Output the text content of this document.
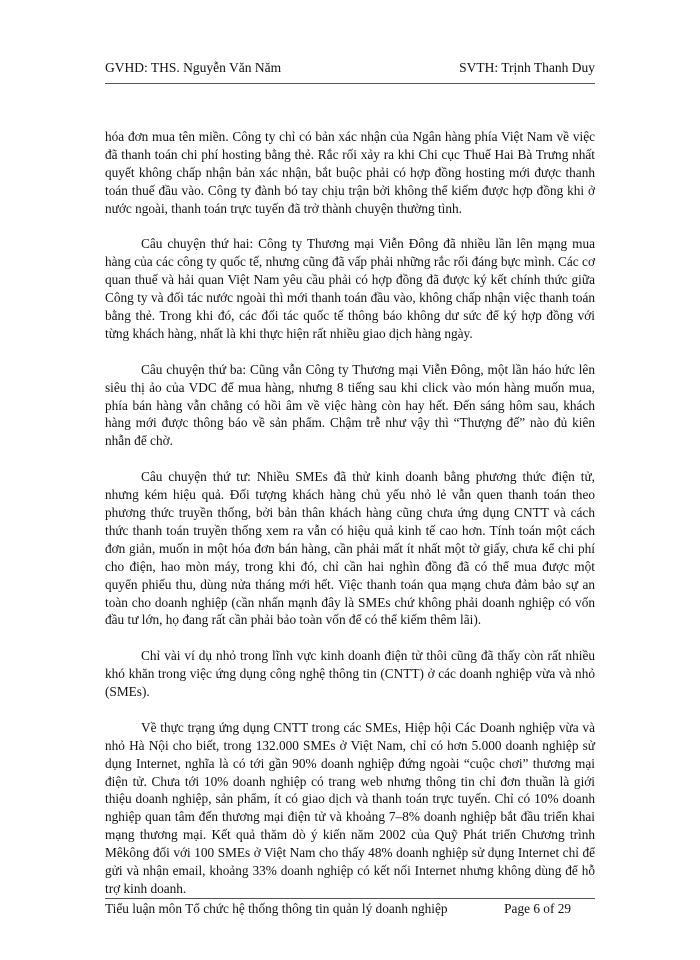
GVHD: THS. Nguyễn Văn Năm	SVTH: Trịnh Thanh Duy

hóa đơn mua tên miền. Công ty chỉ có bản xác nhận của Ngân hàng phía Việt Nam về việc đã thanh toán chi phí hosting bằng thẻ. Rắc rối xảy ra khi Chi cục Thuế Hai Bà Trưng nhất quyết không chấp nhận bản xác nhận, bắt buộc phải có hợp đồng hosting mới được thanh toán thuế đầu vào. Công ty đành bó tay chịu trận bởi không thể kiếm được hợp đồng khi ở nước ngoài, thanh toán trực tuyến đã trở thành chuyện thường tình.

Câu chuyện thứ hai: Công ty Thương mại Viễn Đông đã nhiều lần lên mạng mua hàng của các công ty quốc tế, nhưng cũng đã vấp phải những rắc rối đáng bực mình. Các cơ quan thuế và hải quan Việt Nam yêu cầu phải có hợp đồng đã được ký kết chính thức giữa Công ty và đối tác nước ngoài thì mới thanh toán đầu vào, không chấp nhận việc thanh toán bằng thẻ. Trong khi đó, các đối tác quốc tế thông báo không dư sức để ký hợp đồng với từng khách hàng, nhất là khi thực hiện rất nhiều giao dịch hàng ngày.

Câu chuyện thứ ba: Cũng vẫn Công ty Thương mại Viễn Đông, một lần háo hức lên siêu thị ảo của VDC để mua hàng, nhưng 8 tiếng sau khi click vào món hàng muốn mua, phía bán hàng vẫn chẳng có hồi âm về việc hàng còn hay hết. Đến sáng hôm sau, khách hàng mới được thông báo về sản phẩm. Chậm trễ như vậy thì “Thượng đế” nào đủ kiên nhẫn để chờ.

Câu chuyện thứ tư: Nhiều SMEs đã thử kinh doanh bằng phương thức điện tử, nhưng kém hiệu quả. Đối tượng khách hàng chủ yếu nhỏ lẻ vẫn quen thanh toán theo phương thức truyền thống, bởi bản thân khách hàng cũng chưa ứng dụng CNTT và cách thức thanh toán truyền thống xem ra vẫn có hiệu quả kinh tế cao hơn. Tính toán một cách đơn giản, muốn in một hóa đơn bán hàng, cần phải mất ít nhất một tờ giấy, chưa kể chi phí cho điện, hao mòn máy, trong khi đó, chỉ cần hai nghìn đồng đã có thể mua được một quyển phiếu thu, dùng nửa tháng mới hết. Việc thanh toán qua mạng chưa đảm bảo sự an toàn cho doanh nghiệp (cần nhấn mạnh đây là SMEs chứ không phải doanh nghiệp có vốn đầu tư lớn, họ đang rất cần phải bảo toàn vốn để có thể kiếm thêm lãi).

Chỉ vài ví dụ nhỏ trong lĩnh vực kinh doanh điện tử thôi cũng đã thấy còn rất nhiều khó khăn trong việc ứng dụng công nghệ thông tin (CNTT) ở các doanh nghiệp vừa và nhỏ (SMEs).

Về thực trạng ứng dụng CNTT trong các SMEs, Hiệp hội Các Doanh nghiệp vừa và nhỏ Hà Nội cho biết, trong 132.000 SMEs ở Việt Nam, chỉ có hơn 5.000 doanh nghiệp sử dụng Internet, nghĩa là có tới gần 90% doanh nghiệp đứng ngoài “cuộc chơi” thương mại điện tử. Chưa tới 10% doanh nghiệp có trang web nhưng thông tin chỉ đơn thuần là giới thiệu doanh nghiệp, sản phẩm, ít có giao dịch và thanh toán trực tuyến. Chỉ có 10% doanh nghiệp quan tâm đến thương mại điện tử và khoảng 7–8% doanh nghiệp bắt đầu triển khai mạng thương mại. Kết quả thăm dò ý kiến năm 2002 của Quỹ Phát triển Chương trình Mêkông đối với 100 SMEs ở Việt Nam cho thấy 48% doanh nghiệp sử dụng Internet chỉ để gửi và nhận email, khoảng 33% doanh nghiệp có kết nối Internet nhưng không dùng để hỗ trợ kinh doanh.

Tiểu luận môn Tổ chức hệ thống thông tin quản lý doanh nghiệp	Page 6 of 29
